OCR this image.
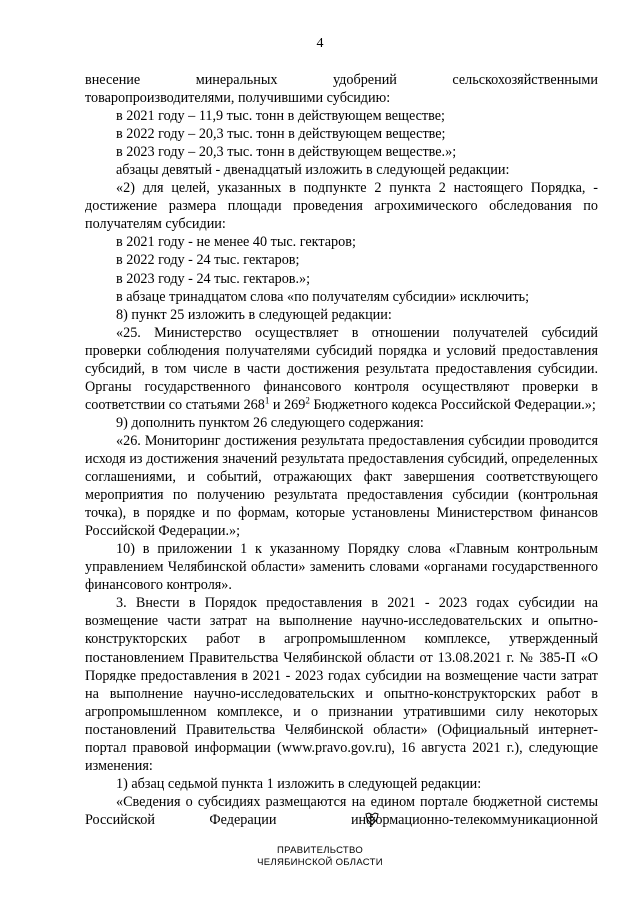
4

внесение минеральных удобрений сельскохозяйственными

товаропроизводителями, получившими субсидию:

в 2021 году – 11,9 тыс. тонн в действующем веществе;

в 2022 году – 20,3 тыс. тонн в действующем веществе;

в 2023 году – 20,3 тыс. тонн в действующем веществе.»;

абзацы девятый - двенадцатый изложить в следующей редакции:

«2) для целей, указанных в подпункте 2 пункта 2 настоящего Порядка, - достижение размера площади проведения агрохимического обследования по получателям субсидии:

в 2021 году - не менее 40 тыс. гектаров;

в 2022 году - 24 тыс. гектаров;

в 2023 году - 24 тыс. гектаров.»;

в абзаце тринадцатом слова «по получателям субсидии» исключить;

8) пункт 25 изложить в следующей редакции:

«25. Министерство осуществляет в отношении получателей субсидий проверки соблюдения получателями субсидий порядка и условий предоставления субсидий, в том числе в части достижения результата предоставления субсидии. Органы государственного финансового контроля осуществляют проверки в соответствии со статьями $268^1$ и $269^2$ Бюджетного кодекса Российской Федерации.»;

9) дополнить пунктом 26 следующего содержания:

«26. Мониторинг достижения результата предоставления субсидии проводится исходя из достижения значений результата предоставления субсидий, определенных соглашениями, и событий, отражающих факт завершения соответствующего мероприятия по получению результата предоставления субсидии (контрольная точка), в порядке и по формам, которые установлены Министерством финансов Российской Федерации.»;

10) в приложении 1 к указанному Порядку слова «Главным контрольным управлением Челябинской области» заменить словами «органами государственного финансового контроля».

3. Внести в Порядок предоставления в 2021 - 2023 годах субсидии на возмещение части затрат на выполнение научно-исследовательских и опытно-конструкторских работ в агропромышленном комплексе, утвержденный постановлением Правительства Челябинской области от 13.08.2021 г. № 385-П «О Порядке предоставления в 2021 - 2023 годах субсидии на возмещение части затрат на выполнение научно-исследовательских и опытно-конструкторских работ в агропромышленном комплексе, и о признании утратившими силу некоторых постановлений Правительства Челябинской области» (Официальный интернет-портал правовой информации (www.pravo.gov.ru), 16 августа 2021 г.), следующие изменения:

1) абзац седьмой пункта 1 изложить в следующей редакции:

«Сведения о субсидиях размещаются на едином портале бюджетной системы Российской Федерации	информационно-телекоммуникационной

ПРАВИТЕЛЬСТВО
ЧЕЛЯБИНСКОЙ ОБЛАСТИ
